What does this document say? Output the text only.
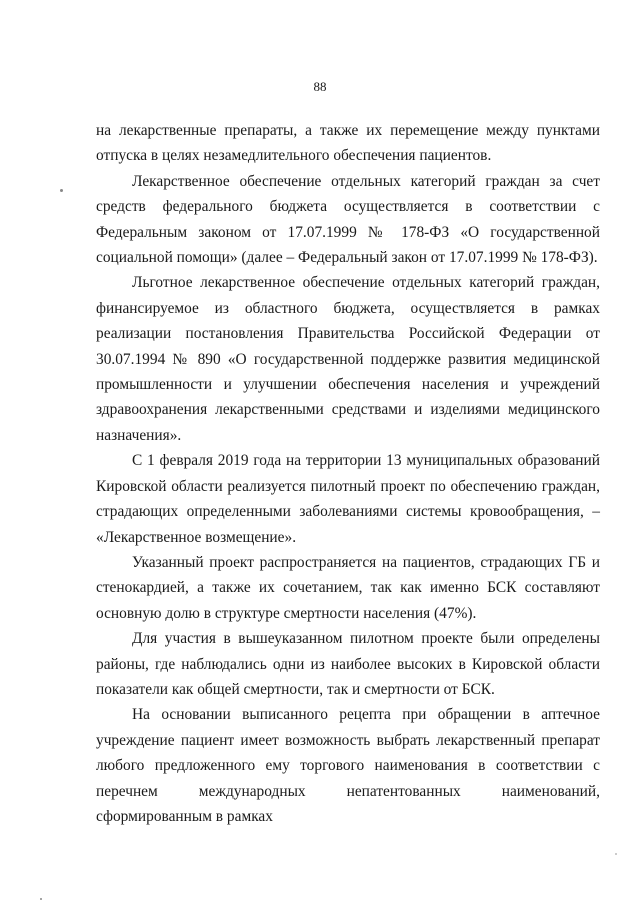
88

на лекарственные препараты, а также их перемещение между пунктами отпуска в целях незамедлительного обеспечения пациентов.

Лекарственное обеспечение отдельных категорий граждан за счет средств федерального бюджета осуществляется в соответствии с Федеральным законом от 17.07.1999 № 178-ФЗ «О государственной социальной помощи» (далее – Федеральный закон от 17.07.1999 № 178-ФЗ).

Льготное лекарственное обеспечение отдельных категорий граждан, финансируемое из областного бюджета, осуществляется в рамках реализации постановления Правительства Российской Федерации от 30.07.1994 № 890 «О государственной поддержке развития медицинской промышленности и улучшении обеспечения населения и учреждений здравоохранения лекарственными средствами и изделиями медицинского назначения».

С 1 февраля 2019 года на территории 13 муниципальных образований Кировской области реализуется пилотный проект по обеспечению граждан, страдающих определенными заболеваниями системы кровообращения, – «Лекарственное возмещение».

Указанный проект распространяется на пациентов, страдающих ГБ и стенокардией, а также их сочетанием, так как именно БСК составляют основную долю в структуре смертности населения (47%).

Для участия в вышеуказанном пилотном проекте были определены районы, где наблюдались одни из наиболее высоких в Кировской области показатели как общей смертности, так и смертности от БСК.

На основании выписанного рецепта при обращении в аптечное учреждение пациент имеет возможность выбрать лекарственный препарат любого предложенного ему торгового наименования в соответствии с перечнем международных непатентованных наименований, сформированным в рамках
